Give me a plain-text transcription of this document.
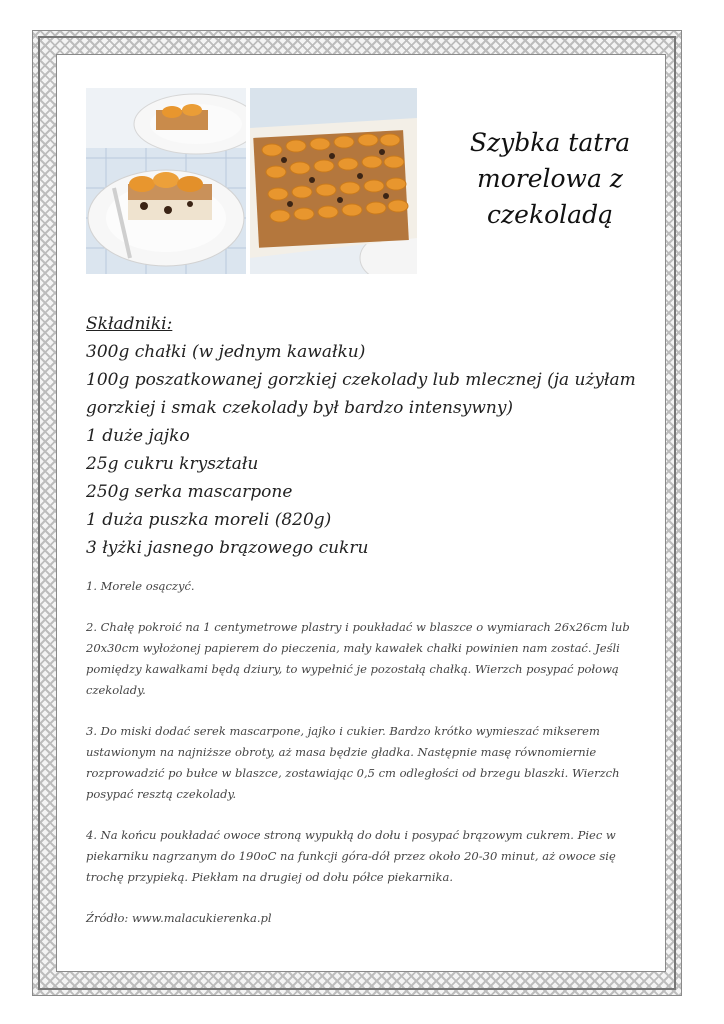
Szybka tatra morelowa z czekoladą
Składniki:
300g chałki (w jednym kawałku)
100g poszatkowanej gorzkiej czekolady lub mlecznej (ja użyłam gorzkiej i smak czekolady był bardzo intensywny)
1 duże jajko
25g cukru kryształu
250g serka mascarpone
1 duża puszka moreli (820g)
3 łyżki jasnego brązowego cukru

1. Morele osączyć.

2. Chałę pokroić na 1 centymetrowe plastry i poukładać w blaszce o wymiarach 26x26cm lub 20x30cm wyłożonej papierem do pieczenia, mały kawałek chałki powinien nam zostać. Jeśli pomiędzy kawałkami będą dziury, to wypełnić je pozostałą chałką. Wierzch posypać połową czekolady.

3. Do miski dodać serek mascarpone, jajko i cukier. Bardzo krótko wymieszać mikserem ustawionym na najniższe obroty, aż masa będzie gładka. Następnie masę równomiernie rozprowadzić po bułce w blaszce, zostawiając 0,5 cm odległości od brzegu blaszki. Wierzch posypać resztą czekolady.

4. Na końcu poukładać owoce stroną wypukłą do dołu i posypać brązowym cukrem. Piec w piekarniku nagrzanym do 190oC na funkcji góra-dół przez około 20-30 minut, aż owoce się trochę przypieką. Piekłam na drugiej od dołu półce piekarnika.

Źródło: www.malacukierenka.pl
